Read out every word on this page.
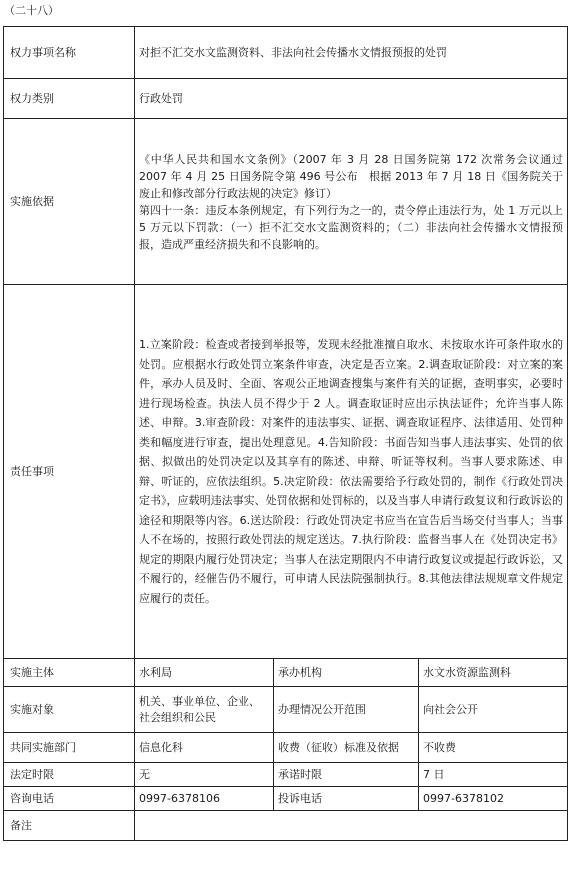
（二十八）
权力事项名称	对拒不汇交水文监测资料、非法向社会传播水文情报预报的处罚		
权力类别	行政处罚		
实施依据	《中华人民共和国水文条例》（2007 年 3 月 28 日国务院第 172 次常务会议通过　2007 年 4 月 25 日国务院令第 496 号公布　根据 2013 年 7 月 18 日《国务院关于废止和修改部分行政法规的决定》修订）

第四十一条：违反本条例规定，有下列行为之一的，责令停止违法行为，处 1 万元以上 5 万元以下罚款：（一）拒不汇交水文监测资料的；（二）非法向社会传播水文情报预报，造成严重经济损失和不良影响的。		

责任事项	1.立案阶段：检查或者接到举报等，发现未经批准擅自取水、未按取水许可条件取水的处罚。应根据水行政处罚立案条件审查，决定是否立案。2.调查取证阶段：对立案的案件，承办人员及时、全面、客观公正地调查搜集与案件有关的证据，查明事实，必要时进行现场检查。执法人员不得少于 2 人。调查取证时应出示执法证件；允许当事人陈述、申辩。3.审查阶段：对案件的违法事实、证据、调查取证程序、法律适用、处罚种类和幅度进行审查，提出处理意见。4.告知阶段：书面告知当事人违法事实、处罚的依据、拟做出的处罚决定以及其享有的陈述、申辩、听证等权利。当事人要求陈述、申辩、听证的，应依法组织。5.决定阶段：依法需要给予行政处罚的，制作《行政处罚决定书》，应载明违法事实、处罚依据和处罚标的，以及当事人申请行政复议和行政诉讼的途径和期限等内容。6.送达阶段：行政处罚决定书应当在宣告后当场交付当事人；当事人不在场的，按照行政处罚法的规定送达。7.执行阶段：监督当事人在《处罚决定书》规定的期限内履行处罚决定；当事人在法定期限内不申请行政复议或提起行政诉讼，又不履行的，经催告仍不履行，可申请人民法院强制执行。8.其他法律法规规章文件规定应履行的责任。		

实施主体	水利局	承办机构	水文水资源监测科
实施对象	机关、事业单位、企业、社会组织和公民	办理情况公开范围	向社会公开
共同实施部门	信息化科	收费（征收）标准及依据	不收费
法定时限	无	承诺时限	7 日
咨询电话	0997-6378106	投诉电话	0997-6378102
备注			
